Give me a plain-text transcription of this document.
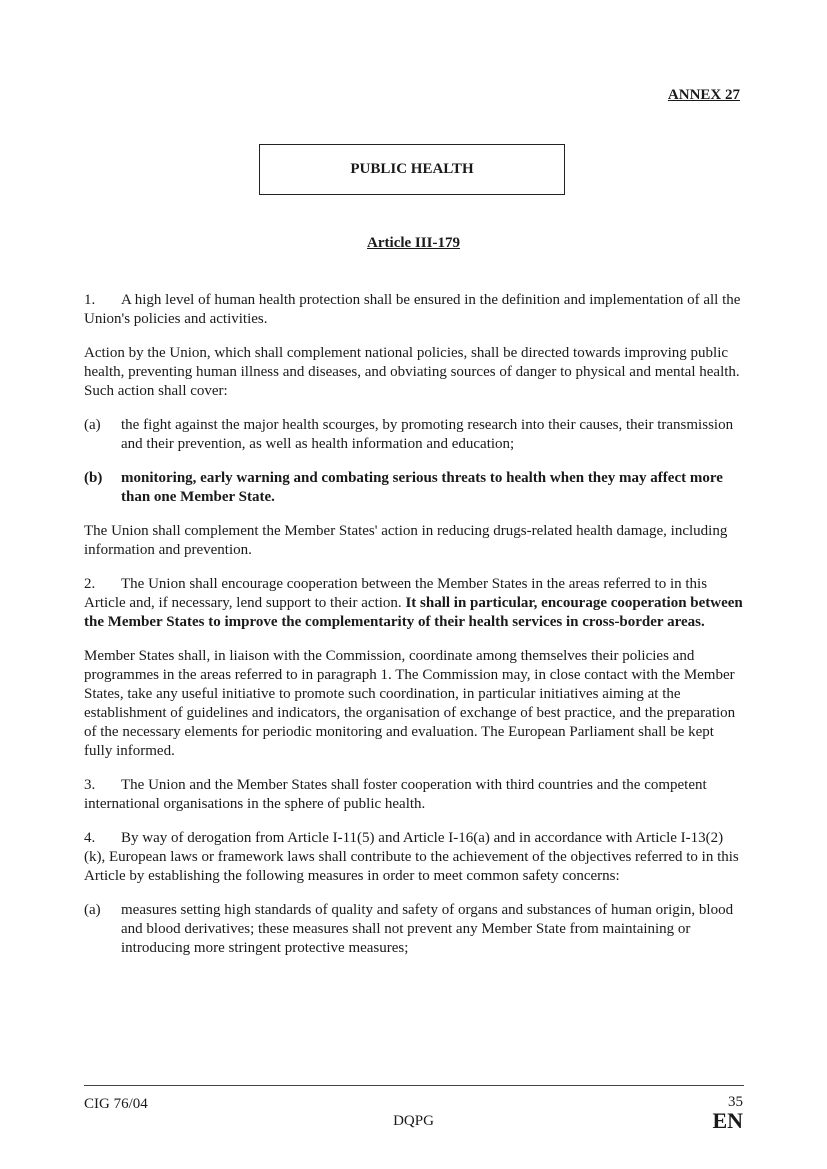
ANNEX 27
PUBLIC HEALTH
Article III-179

1. A high level of human health protection shall be ensured in the definition and implementation of all the Union's policies and activities.

Action by the Union, which shall complement national policies, shall be directed towards improving public health, preventing human illness and diseases, and obviating sources of danger to physical and mental health. Such action shall cover:

(a)	the fight against the major health scourges, by promoting research into their causes, their transmission and their prevention, as well as health information and education;
(b)	monitoring, early warning and combating serious threats to health when they may affect more than one Member State.

The Union shall complement the Member States' action in reducing drugs-related health damage, including information and prevention.

2. The Union shall encourage cooperation between the Member States in the areas referred to in this Article and, if necessary, lend support to their action. It shall in particular, encourage cooperation between the Member States to improve the complementarity of their health services in cross-border areas.

Member States shall, in liaison with the Commission, coordinate among themselves their policies and programmes in the areas referred to in paragraph 1. The Commission may, in close contact with the Member States, take any useful initiative to promote such coordination, in particular initiatives aiming at the establishment of guidelines and indicators, the organisation of exchange of best practice, and the preparation of the necessary elements for periodic monitoring and evaluation. The European Parliament shall be kept fully informed.

3. The Union and the Member States shall foster cooperation with third countries and the competent international organisations in the sphere of public health.

4. By way of derogation from Article I-11(5) and Article I-16(a) and in accordance with Article I-13(2)(k), European laws or framework laws shall contribute to the achievement of the objectives referred to in this Article by establishing the following measures in order to meet common safety concerns:

(a)	measures setting high standards of quality and safety of organs and substances of human origin, blood and blood derivatives; these measures shall not prevent any Member State from maintaining or introducing more stringent protective measures;
CIG 76/04
DQPG
35
EN
